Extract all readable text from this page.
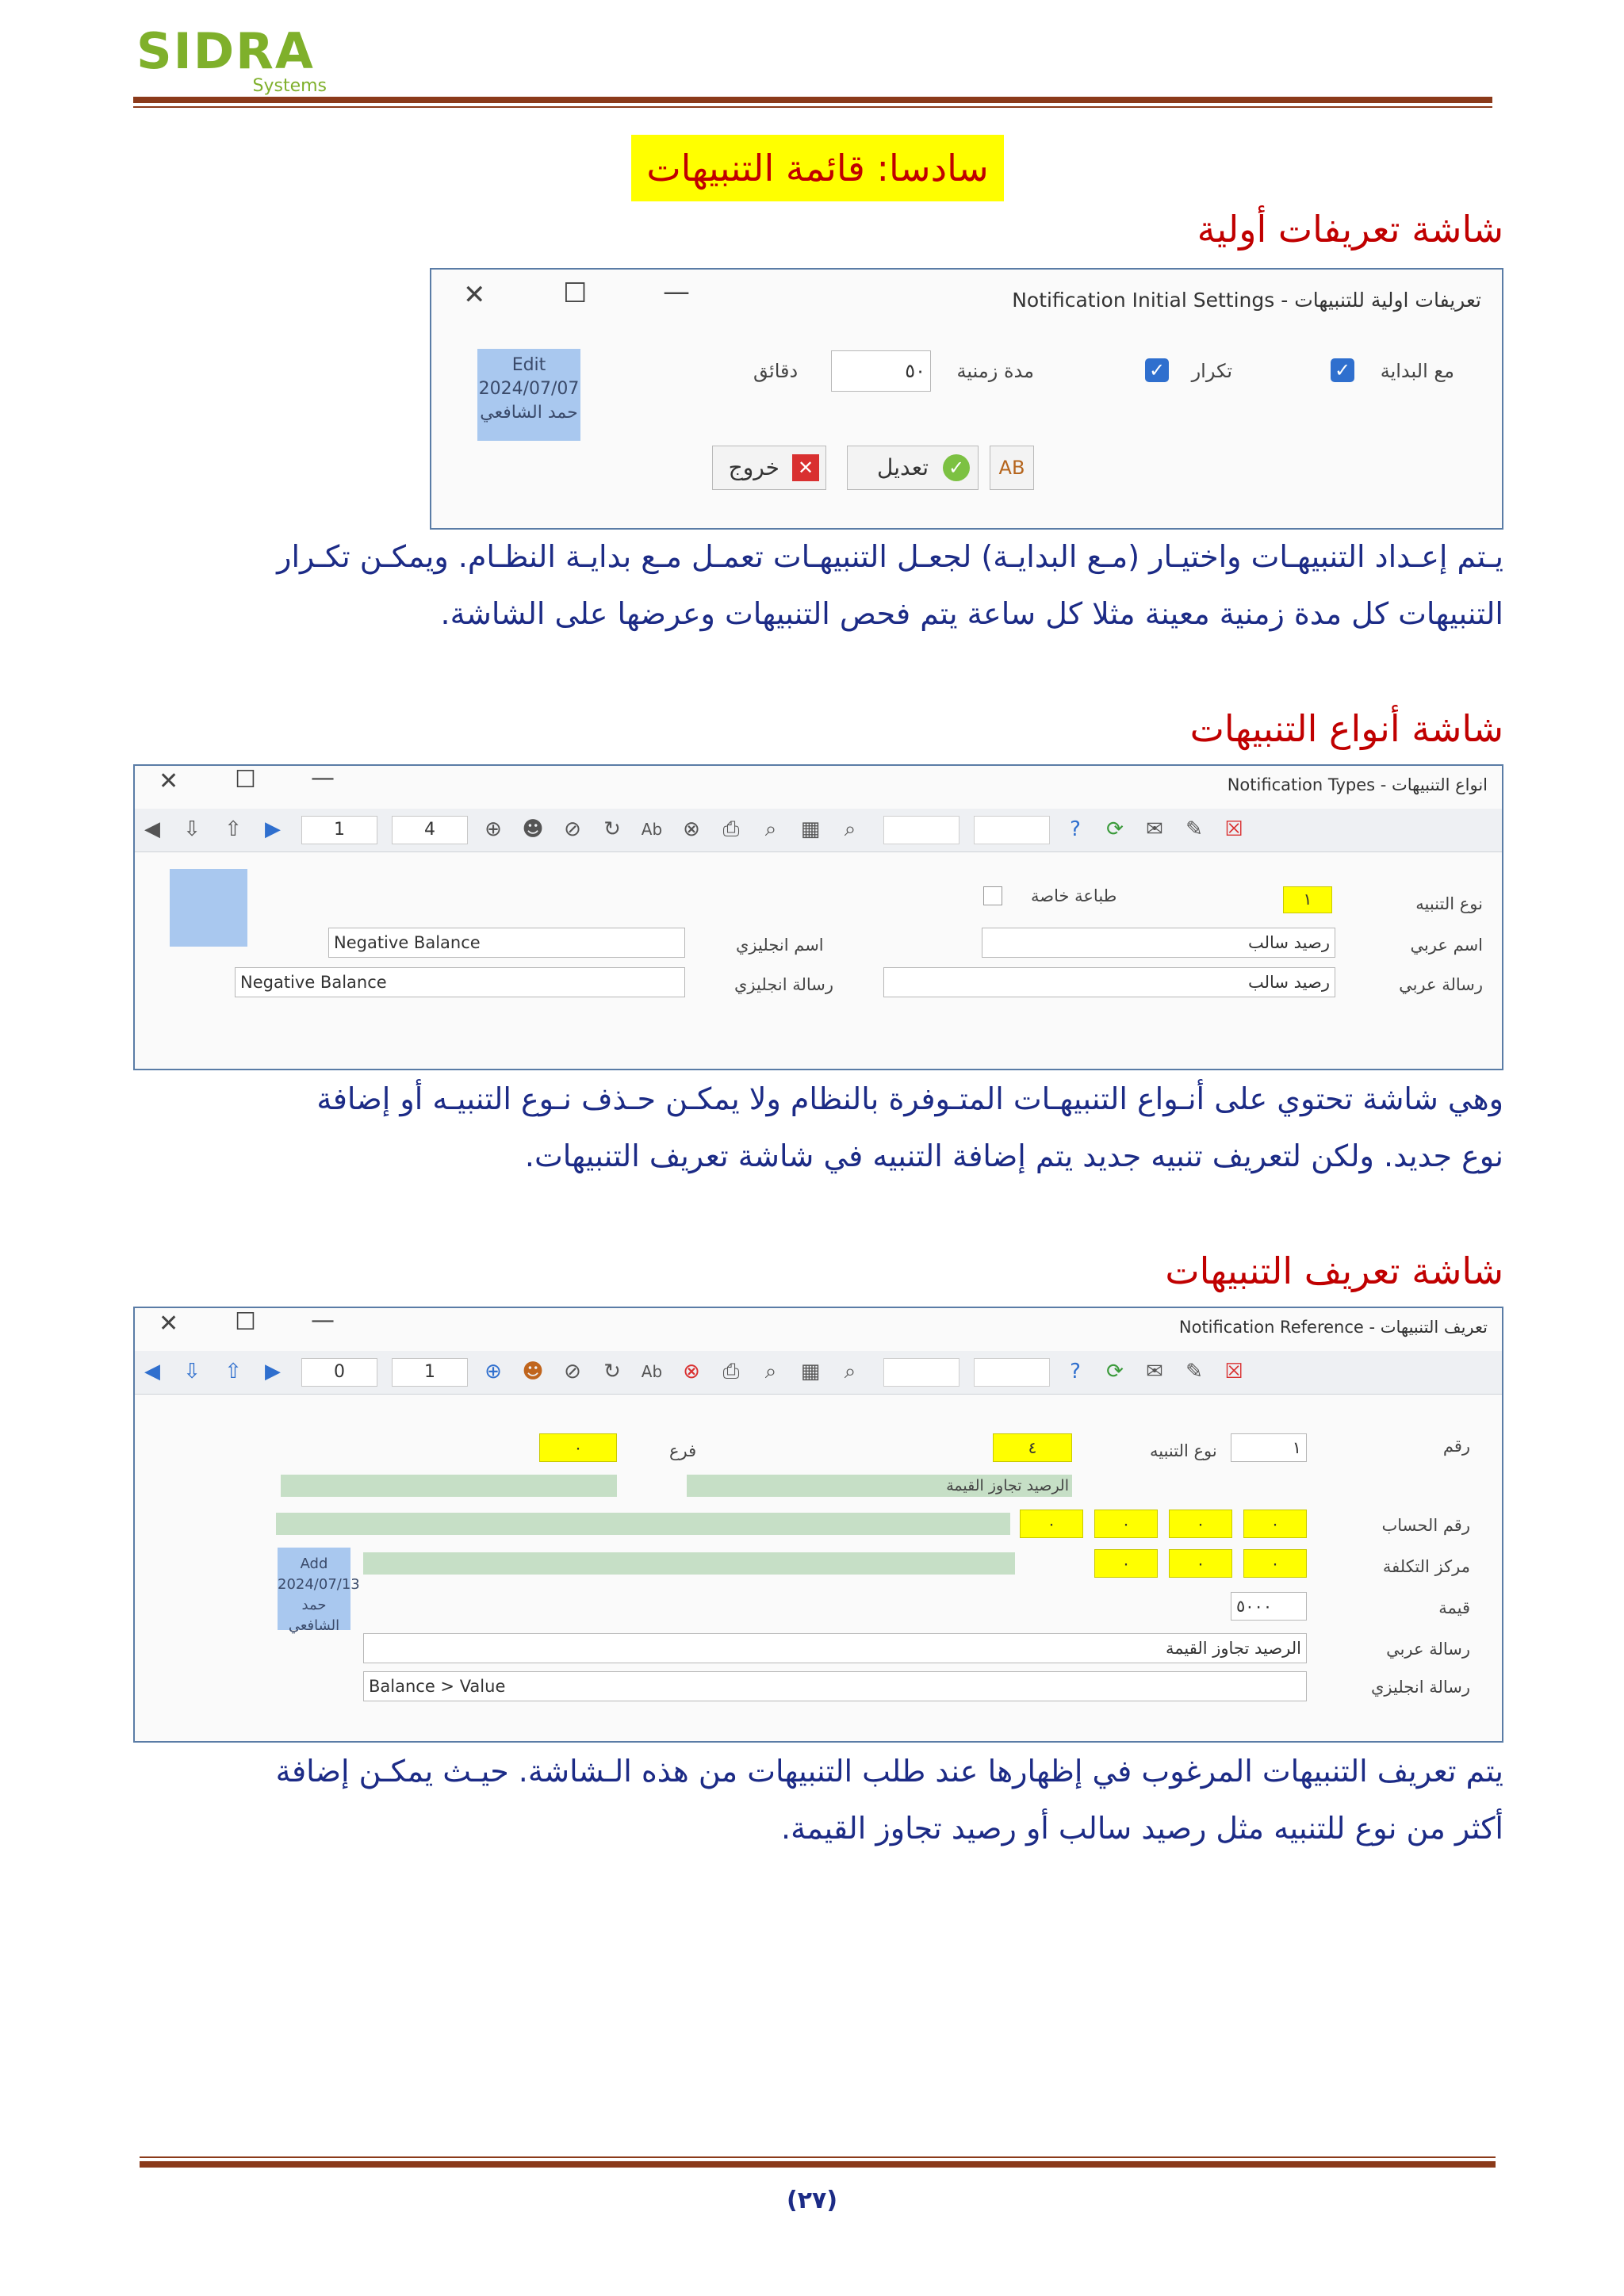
SIDRA
Systems
سادسا: قائمة التنبيهات
شاشة تعريفات أولية
✕	☐	—	Notification Initial Settings - تعريفات اولية للتنبيهات
✓ مع البداية
✓ تكرار
مدة زمنية
٥٠
دقائق
Edit
2024/07/07
حمد الشافعي
✕
خروج	✓
تعديل	AB
يـتم إعـداد التنبيهـات واختيـار (مـع البدايـة) لجعـل التنبيهـات تعمـل مـع بدايـة النظـام. ويمكـن تكـرار
التنبيهات كل مدة زمنية معينة مثلا كل ساعة يتم فحص التنبيهات وعرضها على الشاشة.
شاشة أنواع التنبيهات
✕ ☐ —	Notification Types - انواع التنبيهات
◀ ⇩ ⇧ ▶	1	4	⊕ ☻ ⊘ ↻ Ab ⊗ ⎙	⌕	▦	⌕	?	⟳ ✉ ✎ ☒
نوع التنبيه
١
طباعة خاصة
اسم عربي
رصيد سالب
اسم انجليزي
Negative Balance
رسالة عربي
رصيد سالب
رسالة انجليزي
Negative Balance
وهي شاشة تحتوي على أنـواع التنبيهـات المتـوفرة بالنظام ولا يمكـن حـذف نـوع التنبيـه أو إضافة
نوع جديد. ولكن لتعريف تنبيه جديد يتم إضافة التنبيه في شاشة تعريف التنبيهات.
شاشة تعريف التنبيهات
✕ ☐ —	Notification Reference - تعريف التنبيهات
◀ ⇩ ⇧ ▶	0	1	⊕ ☻ ⊘ ↻ Ab ⊗ ⎙	⌕	▦	⌕	?	⟳ ✉ ✎ ☒
رقم
١
نوع التنبيه
٤
فرع
٠
الرصيد تجاوز القيمة
رقم الحساب
٠
٠
٠
٠
مركز التكلفة
٠
٠
٠
قيمة
٥٠٠٠
Add
2024/07/13
حمد الشافعي
رسالة عربي
الرصيد تجاوز القيمة
رسالة انجليزي
Balance > Value
يتم تعريف التنبيهات المرغوب في إظهارها عند طلب التنبيهات من هذه الـشاشة. حيـث يمكـن إضافة
أكثر من نوع للتنبيه مثل رصيد سالب أو رصيد تجاوز القيمة.
(٢٧)
